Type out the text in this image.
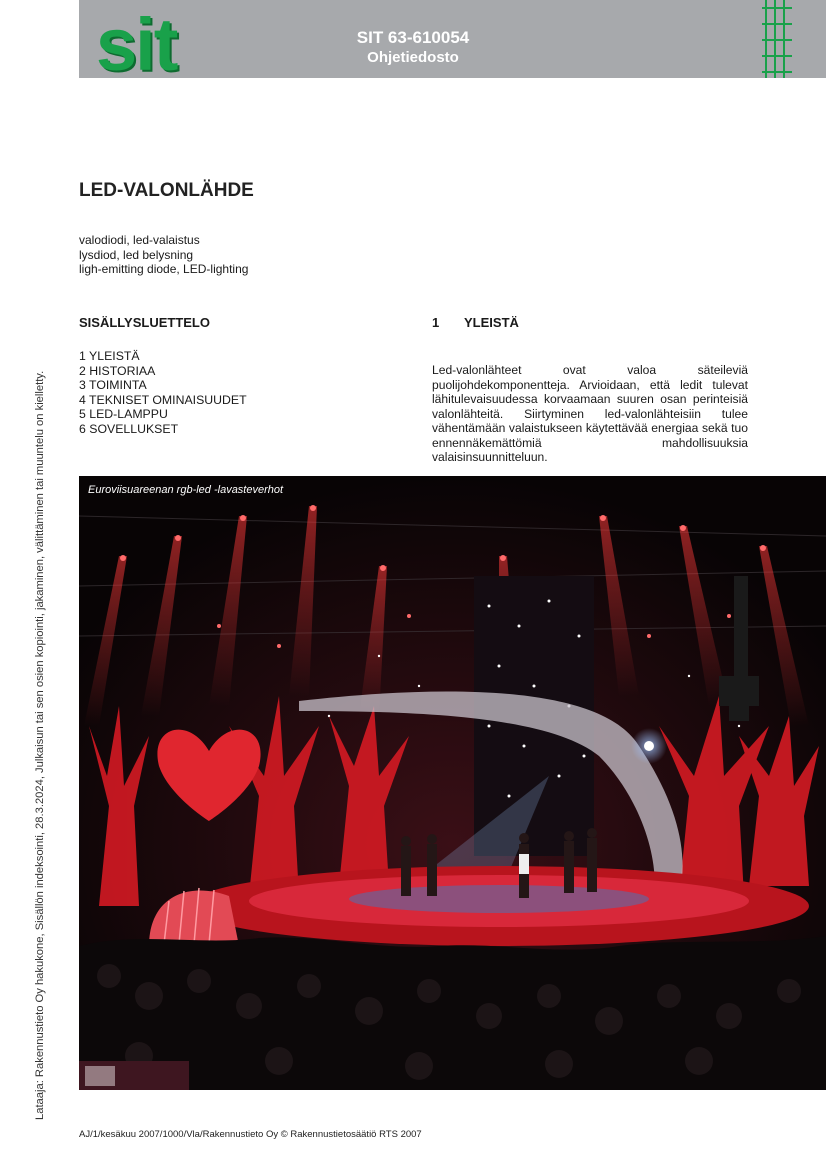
sit	SIT 63-610054
Ohjetiedosto
Lataaja: Rakennustieto Oy hakukone, Sisällön indeksointi, 28.3.2024, Julkaisun tai sen osien kopiointi, jakaminen, välittäminen tai muuntelu on kielletty.
LED-VALONLÄHDE
valodiodi, led-valaistus
lysdiod, led belysning
ligh-emitting diode, LED-lighting
SISÄLLYSLUETTELO
1 YLEISTÄ
2 HISTORIAA
3 TOIMINTA
4 TEKNISET OMINAISUUDET
5 LED-LAMPPU
6 SOVELLUKSET
1 YLEISTÄ

Led-valonlähteet ovat valoa säteileviä puolijohdekomponentteja. Arvioidaan, että ledit tulevat lähitulevaisuudessa korvaamaan suuren osan perinteisiä valonlähteitä. Siirtyminen led-valonlähteisiin tulee vähentämään valaistukseen käytettävää energiaa sekä tuo ennennäkemättömiä mahdollisuuksia valaisinsuunnitteluun.

Euroviisuareenan rgb-led -lavasteverhot
AJ/1/kesäkuu 2007/1000/Vla/Rakennustieto Oy © Rakennustietosäätiö RTS 2007
